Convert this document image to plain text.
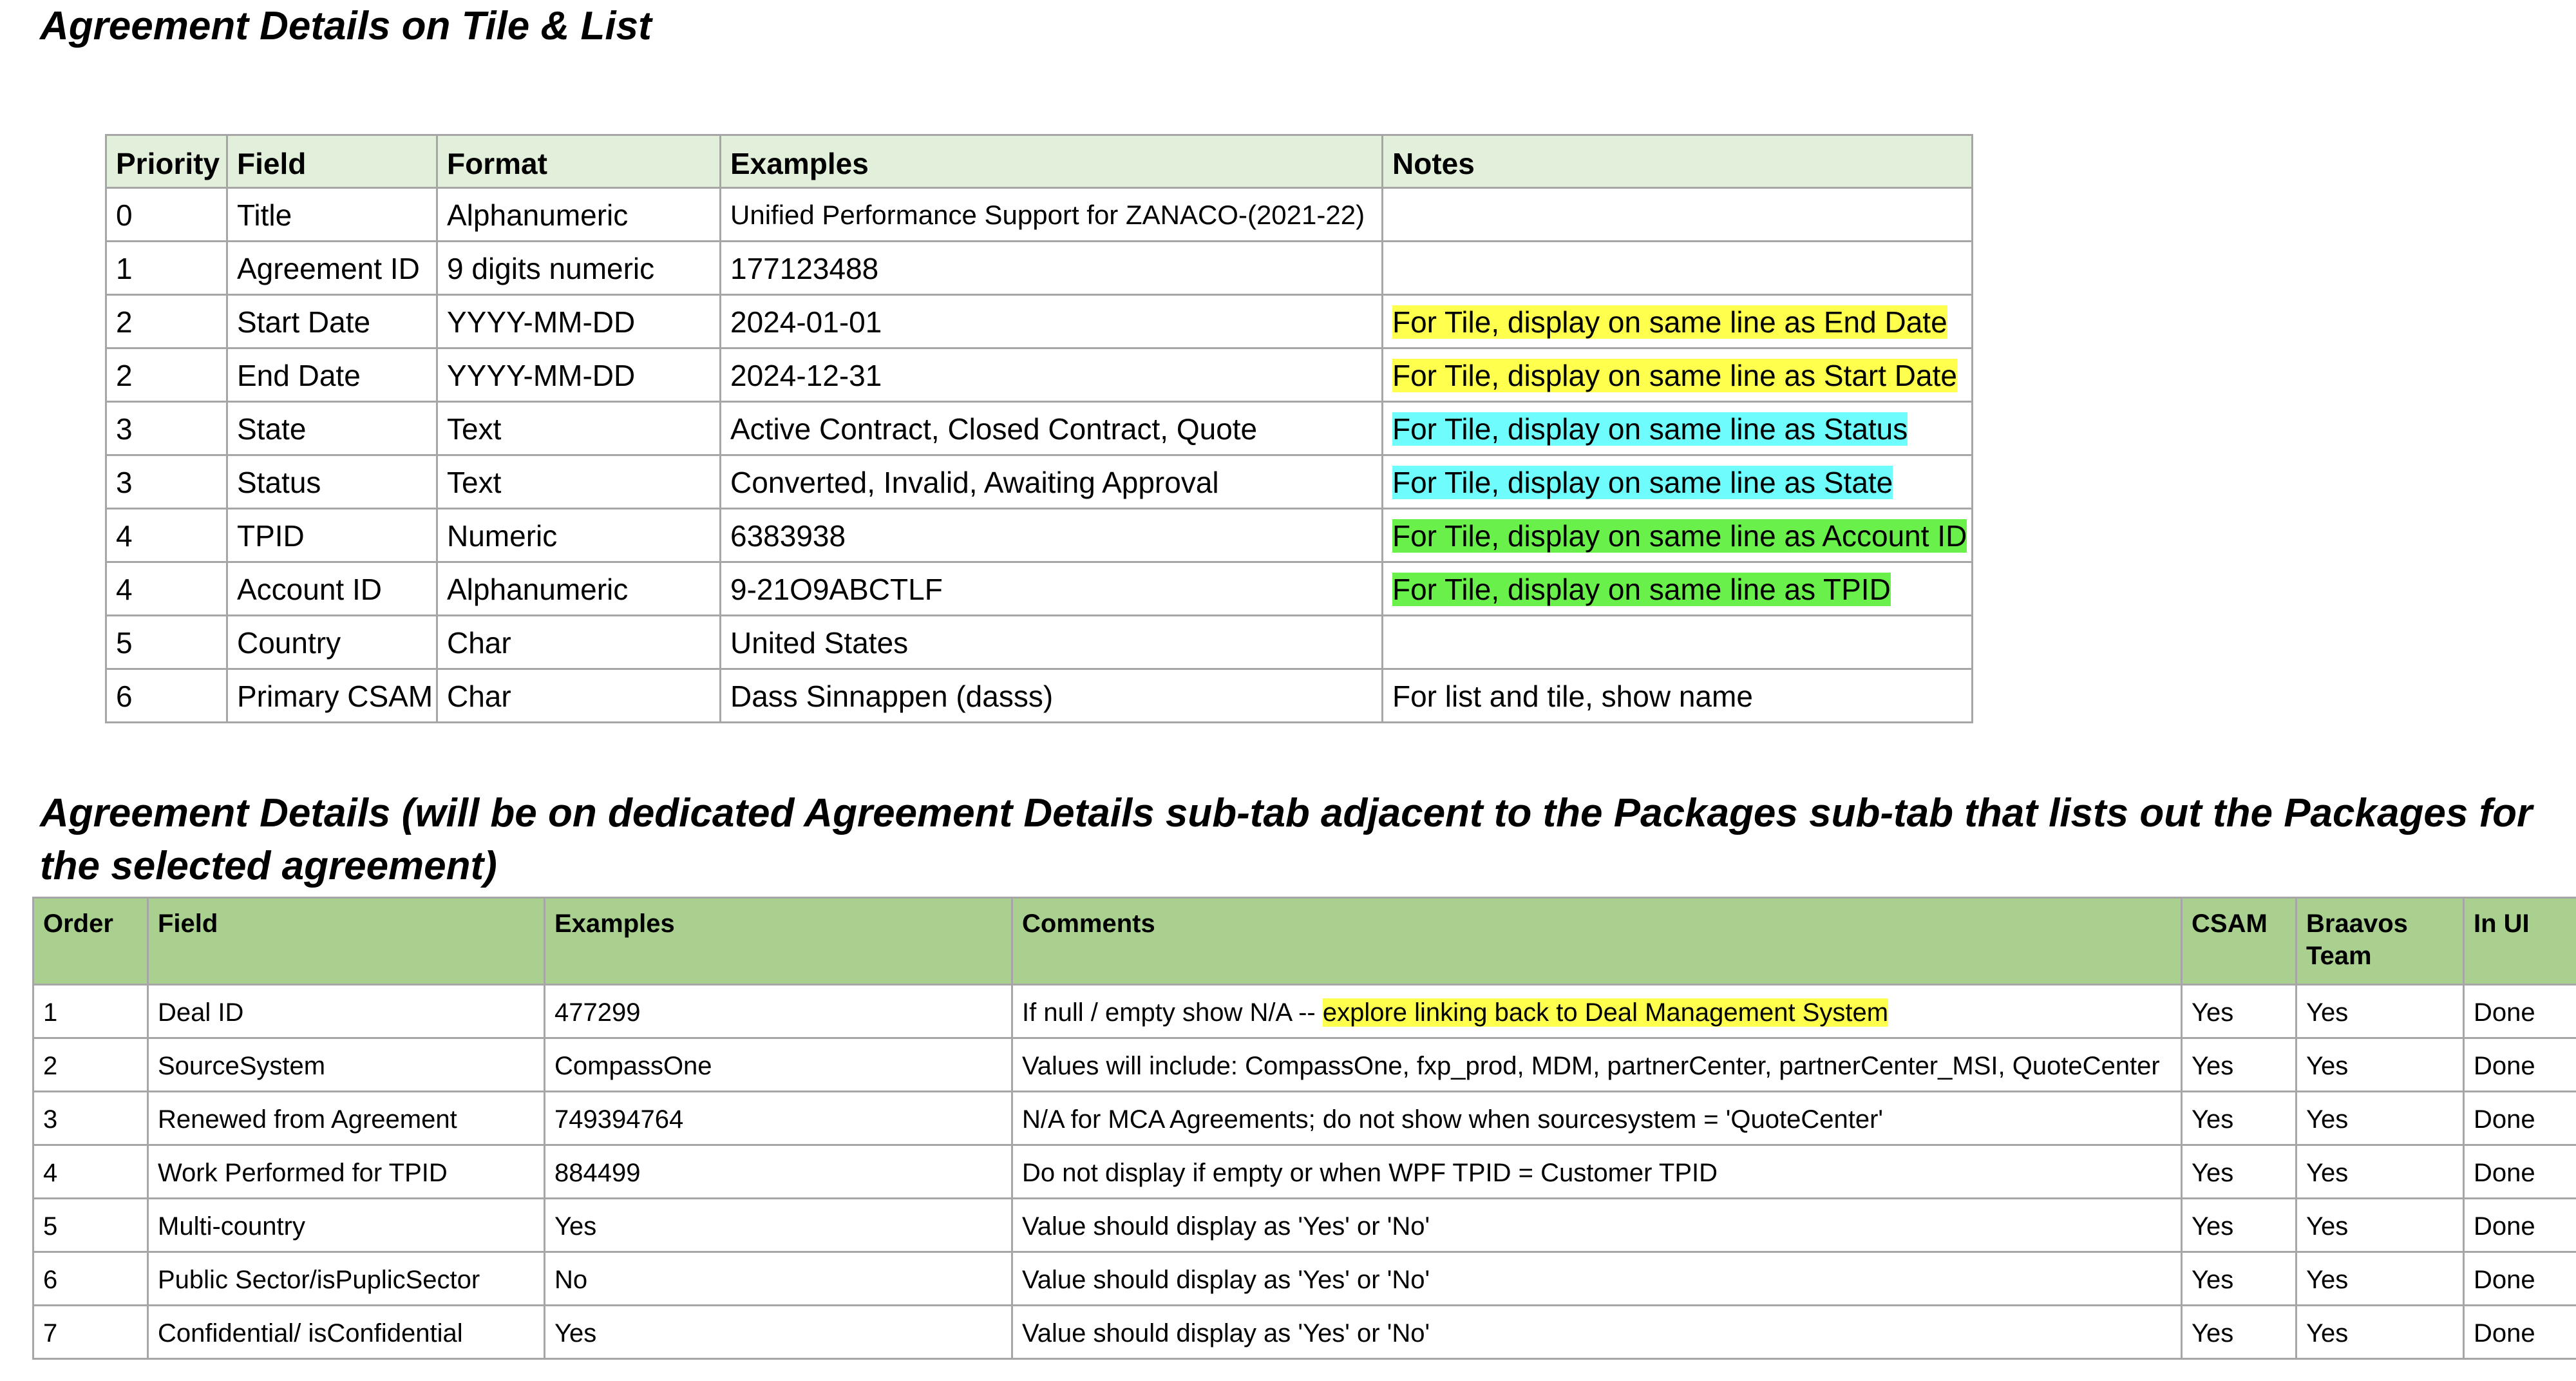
Agreement Details on Tile & List
Priority	Field	Format	Examples	Notes
0	Title	Alphanumeric	Unified Performance Support for ZANACO-(2021-22)	
1	Agreement ID	9 digits numeric	177123488	
2	Start Date	YYYY-MM-DD	2024-01-01	For Tile, display on same line as End Date
2	End Date	YYYY-MM-DD	2024-12-31	For Tile, display on same line as Start Date
3	State	Text	Active Contract, Closed Contract, Quote	For Tile, display on same line as Status
3	Status	Text	Converted, Invalid, Awaiting Approval	For Tile, display on same line as State
4	TPID	Numeric	6383938	For Tile, display on same line as Account ID
4	Account ID	Alphanumeric	9-21O9ABCTLF	For Tile, display on same line as TPID
5	Country	Char	United States	
6	Primary CSAM	Char	Dass Sinnappen (dasss)	For list and tile, show name
Agreement Details (will be on dedicated Agreement Details sub-tab adjacent to the Packages sub-tab that lists out the Packages for the selected agreement)
Order	Field	Examples	Comments	CSAM	Braavos Team	In UI
1	Deal ID	477299	If null / empty show N/A -- explore linking back to Deal Management System	Yes	Yes	Done
2	SourceSystem	CompassOne	Values will include: CompassOne, fxp_prod, MDM, partnerCenter, partnerCenter_MSI, QuoteCenter	Yes	Yes	Done
3	Renewed from Agreement	749394764	N/A for MCA Agreements; do not show when sourcesystem = 'QuoteCenter'	Yes	Yes	Done
4	Work Performed for TPID	884499	Do not display if empty or when WPF TPID = Customer TPID	Yes	Yes	Done
5	Multi-country	Yes	Value should display as 'Yes' or 'No'	Yes	Yes	Done
6	Public Sector/isPuplicSector	No	Value should display as 'Yes' or 'No'	Yes	Yes	Done
7	Confidential/ isConfidential	Yes	Value should display as 'Yes' or 'No'	Yes	Yes	Done
